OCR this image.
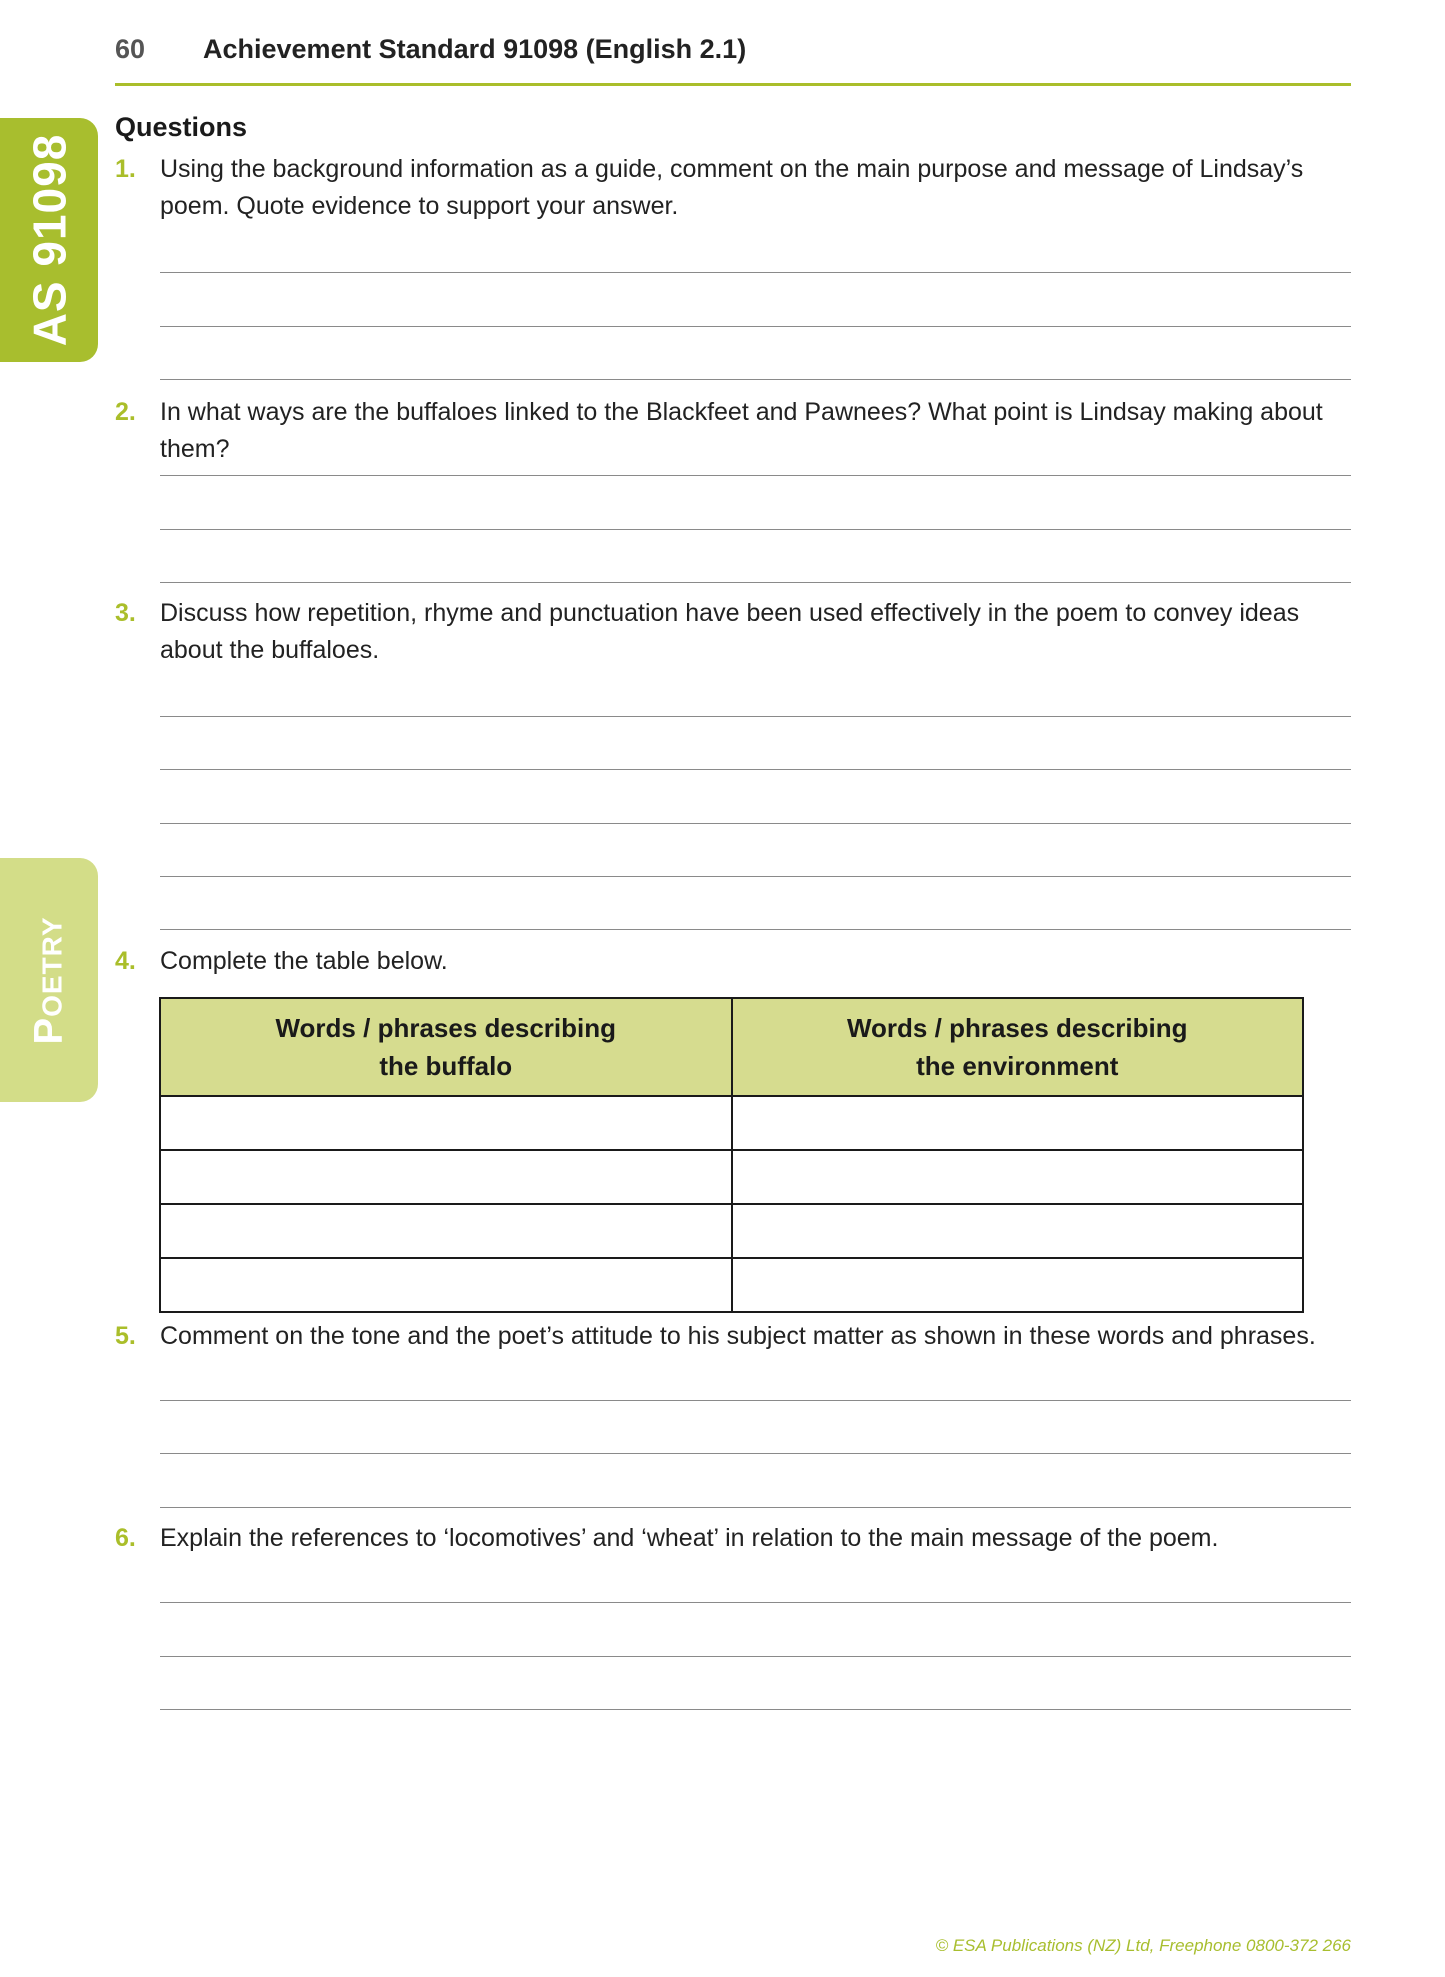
60 Achievement Standard 91098 (English 2.1)
AS 91098
Poetry
Questions
1. Using the background information as a guide, comment on the main purpose and message of Lindsay’s poem. Quote evidence to support your answer.
2. In what ways are the buffaloes linked to the Blackfeet and Pawnees? What point is Lindsay making about them?
3. Discuss how repetition, rhyme and punctuation have been used effectively in the poem to convey ideas about the buffaloes.
4. Complete the table below.
Words / phrases describing
the buffalo	Words / phrases describing
the environment

5. Comment on the tone and the poet’s attitude to his subject matter as shown in these words and phrases.
6. Explain the references to ‘locomotives’ and ‘wheat’ in relation to the main message of the poem.
© ESA Publications (NZ) Ltd, Freephone 0800-372 266
